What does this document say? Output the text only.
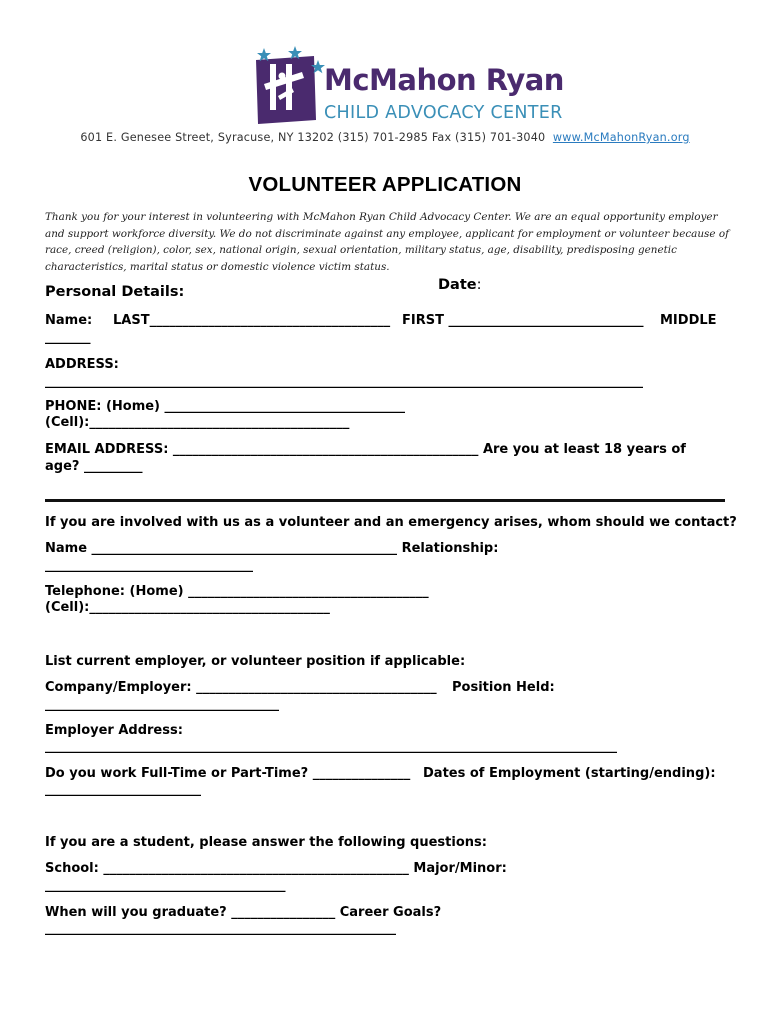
McMahon Ryan
CHILD ADVOCACY CENTER
601 E. Genesee Street, Syracuse, NY 13202 (315) 701-2985 Fax (315) 701-3040 www.McMahonRyan.org
VOLUNTEER APPLICATION
Thank you for your interest in volunteering with McMahon Ryan Child Advocacy Center. We are an equal opportunity employer and support workforce diversity. We do not discriminate against any employee, applicant for employment or volunteer because of race, creed (religion), color, sex, national origin, sexual orientation, military status, age, disability, predisposing genetic characteristics, marital status or domestic violence victim status.
Personal Details:	Date:
Name: LAST_____________________________________ FIRST ______________________________ MIDDLE
_______
ADDRESS:
____________________________________________________________________________________________
PHONE: (Home) _____________________________________
(Cell):________________________________________
EMAIL ADDRESS: _______________________________________________ Are you at least 18 years of
age? _________
If you are involved with us as a volunteer and an emergency arises, whom should we contact?
Name _______________________________________________ Relationship:
________________________________
Telephone: (Home) _____________________________________
(Cell):_____________________________________
List current employer, or volunteer position if applicable:
Company/Employer: _____________________________________ Position Held:
____________________________________
Employer Address:
________________________________________________________________________________________
Do you work Full-Time or Part-Time? _______________ Dates of Employment (starting/ending):
________________________
If you are a student, please answer the following questions:
School: _______________________________________________ Major/Minor:
_____________________________________
When will you graduate? ________________ Career Goals?
______________________________________________________
